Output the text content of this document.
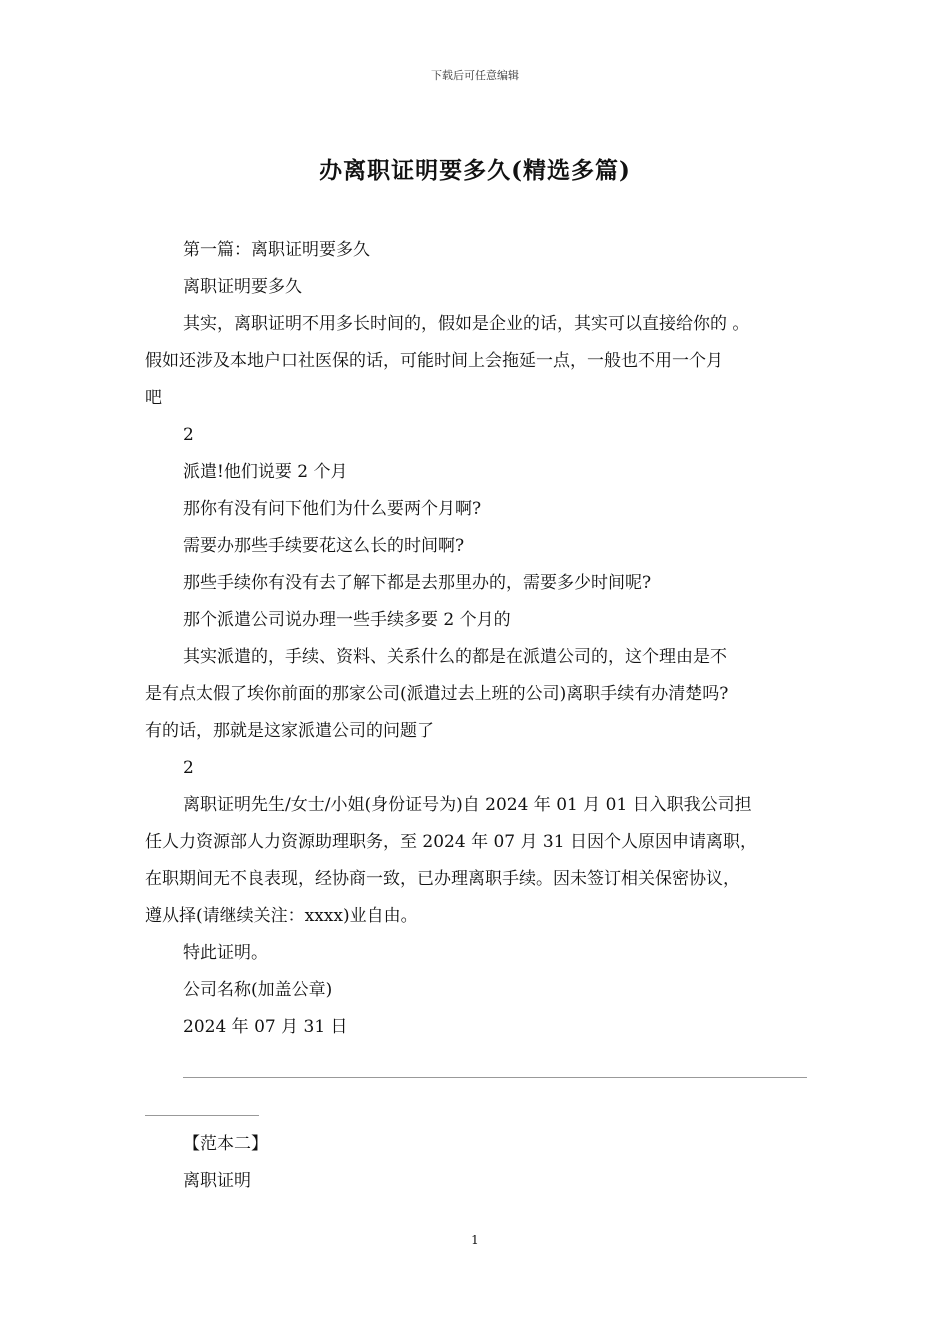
下载后可任意编辑
办离职证明要多久(精选多篇)
第一篇：离职证明要多久
离职证明要多久
其实，离职证明不用多长时间的，假如是企业的话，其实可以直接给你的 。
假如还涉及本地户口社医保的话，可能时间上会拖延一点，一般也不用一个月
吧
2
派遣!他们说要 2 个月
那你有没有问下他们为什么要两个月啊?
需要办那些手续要花这么长的时间啊?
那些手续你有没有去了解下都是去那里办的，需要多少时间呢?
那个派遣公司说办理一些手续多要 2 个月的
其实派遣的，手续、资料、关系什么的都是在派遣公司的，这个理由是不
是有点太假了埃你前面的那家公司(派遣过去上班的公司)离职手续有办清楚吗?
有的话，那就是这家派遣公司的问题了
2
离职证明先生/女士/小姐(身份证号为)自 2024 年 01 月 01 日入职我公司担
任人力资源部人力资源助理职务，至 2024 年 07 月 31 日因个人原因申请离职，
在职期间无不良表现，经协商一致，已办理离职手续。因未签订相关保密协议，
遵从择(请继续关注：xxxx)业自由。
特此证明。
公司名称(加盖公章)
2024 年 07 月 31 日
【范本二】
离职证明
1
